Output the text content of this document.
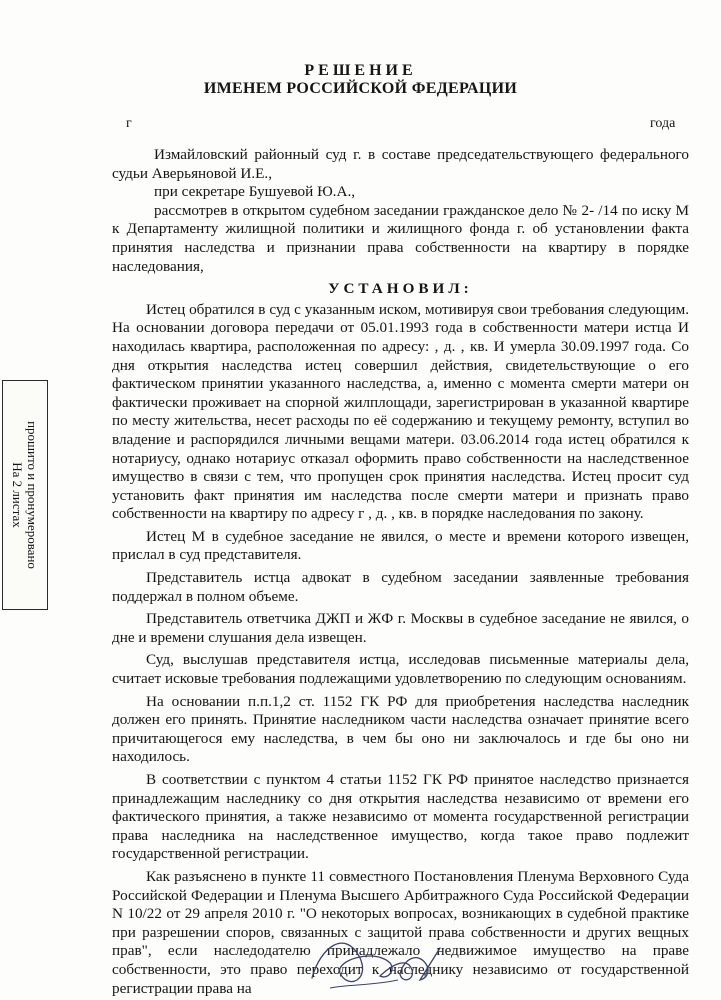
РЕШЕНИЕ
ИМЕНЕМ РОССИЙСКОЙ ФЕДЕРАЦИИ
г	года

Измайловский районный суд г. в составе председательствующего федерального судьи Аверьяновой И.Е.,

при секретаре Бушуевой Ю.А.,

рассмотрев в открытом судебном заседании гражданское дело № 2- /14 по иску М к Департаменту жилищной политики и жилищного фонда г. об установлении факта принятия наследства и признании права собственности на квартиру в порядке наследования,

УСТАНОВИЛ:

Истец обратился в суд с указанным иском, мотивируя свои требования следующим. На основании договора передачи от 05.01.1993 года в собственности матери истца И находилась квартира, расположенная по адресу: , д. , кв. И умерла 30.09.1997 года. Со дня открытия наследства истец совершил действия, свидетельствующие о его фактическом принятии указанного наследства, а, именно с момента смерти матери он фактически проживает на спорной жилплощади, зарегистрирован в указанной квартире по месту жительства, несет расходы по её содержанию и текущему ремонту, вступил во владение и распорядился личными вещами матери. 03.06.2014 года истец обратился к нотариусу, однако нотариус отказал оформить право собственности на наследственное имущество в связи с тем, что пропущен срок принятия наследства. Истец просит суд установить факт принятия им наследства после смерти матери и признать право собственности на квартиру по адресу г , д. , кв. в порядке наследования по закону.

Истец М в судебное заседание не явился, о месте и времени которого извещен, прислал в суд представителя.

Представитель истца адвокат в судебном заседании заявленные требования поддержал в полном объеме.

Представитель ответчика ДЖП и ЖФ г. Москвы в судебное заседание не явился, о дне и времени слушания дела извещен.

Суд, выслушав представителя истца, исследовав письменные материалы дела, считает исковые требования подлежащими удовлетворению по следующим основаниям.

На основании п.п.1,2 ст. 1152 ГК РФ для приобретения наследства наследник должен его принять. Принятие наследником части наследства означает принятие всего причитающегося ему наследства, в чем бы оно ни заключалось и где бы оно ни находилось.

В соответствии с пунктом 4 статьи 1152 ГК РФ принятое наследство признается принадлежащим наследнику со дня открытия наследства независимо от времени его фактического принятия, а также независимо от момента государственной регистрации права наследника на наследственное имущество, когда такое право подлежит государственной регистрации.

Как разъяснено в пункте 11 совместного Постановления Пленума Верховного Суда Российской Федерации и Пленума Высшего Арбитражного Суда Российской Федерации N 10/22 от 29 апреля 2010 г. "О некоторых вопросах, возникающих в судебной практике при разрешении споров, связанных с защитой права собственности и других вещных прав", если наследодателю принадлежало недвижимое имущество на праве собственности, это право переходит к наследнику независимо от государственной регистрации права на

прошито и пронумеровано
На 2 листах
